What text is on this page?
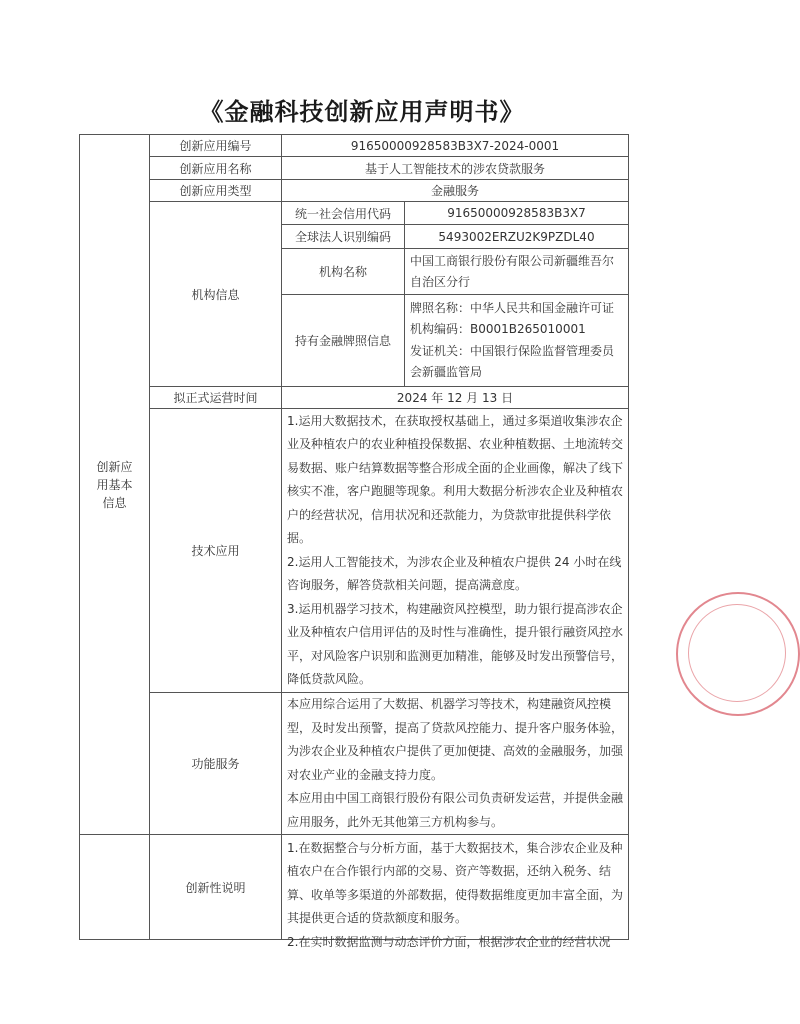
《金融科技创新应用声明书》
创新应用基本信息	创新应用编号	91650000928583B3X7-2024-0001	
	创新应用名称	基于人工智能技术的涉农贷款服务	
	创新应用类型	金融服务	
	机构信息	统一社会信用代码	91650000928583B3X7
		全球法人识别编码	5493002ERZU2K9PZDL40
		机构名称	中国工商银行股份有限公司新疆维吾尔自治区分行
		持有金融牌照信息	牌照名称：中华人民共和国金融许可证
机构编码：B0001B265010001
发证机关：中国银行保险监督管理委员会新疆监管局

	拟正式运营时间	2024 年 12 月 13 日	
	技术应用	1.运用大数据技术，在获取授权基础上，通过多渠道收集涉农企业及种植农户的农业种植投保数据、农业种植数据、土地流转交易数据、账户结算数据等整合形成全面的企业画像，解决了线下核实不准，客户跑腿等现象。利用大数据分析涉农企业及种植农户的经营状况，信用状况和还款能力，为贷款审批提供科学依据。

2.运用人工智能技术，为涉农企业及种植农户提供 24 小时在线咨询服务，解答贷款相关问题，提高满意度。

3.运用机器学习技术，构建融资风控模型，助力银行提高涉农企业及种植农户信用评估的及时性与准确性，提升银行融资风控水平，对风险客户识别和监测更加精准，能够及时发出预警信号，降低贷款风险。	

	功能服务	本应用综合运用了大数据、机器学习等技术，构建融资风控模型，及时发出预警，提高了贷款风控能力、提升客户服务体验，为涉农企业及种植农户提供了更加便捷、高效的金融服务，加强对农业产业的金融支持力度。

本应用由中国工商银行股份有限公司负责研发运营，并提供金融应用服务，此外无其他第三方机构参与。	

	创新性说明	1.在数据整合与分析方面，基于大数据技术，集合涉农企业及种植农户在合作银行内部的交易、资产等数据，还纳入税务、结算、收单等多渠道的外部数据，使得数据维度更加丰富全面，为其提供更合适的贷款额度和服务。

2.在实时数据监测与动态评价方面，根据涉农企业的经营状况	
